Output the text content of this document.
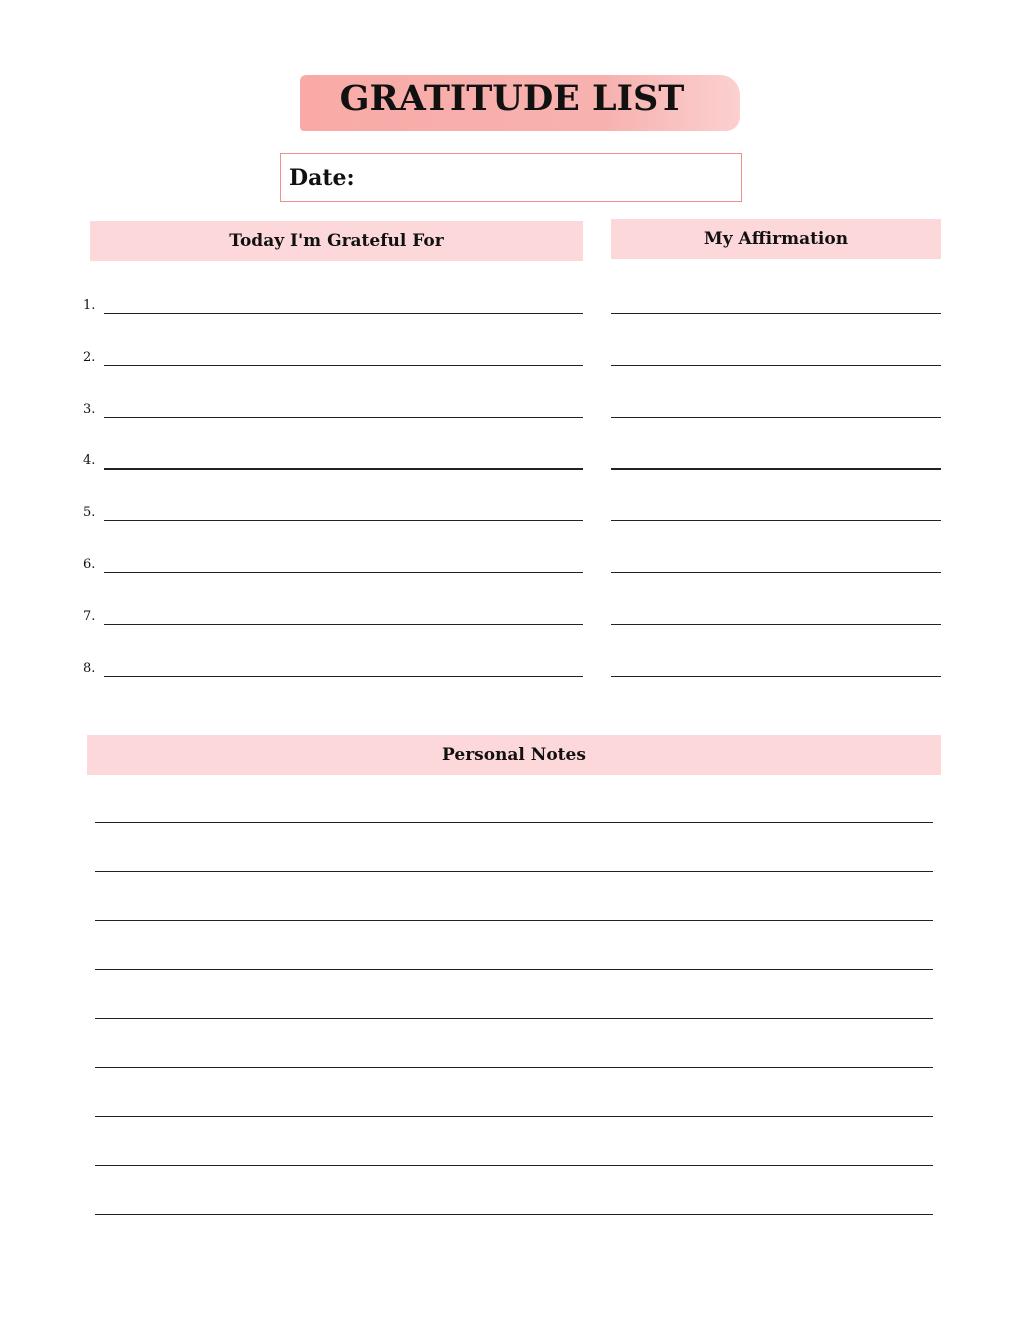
GRATITUDE LIST
Date:
Today I'm Grateful For	My Affirmation
Personal Notes
1.
2.
3.
4.
5.
6.
7.
8.
